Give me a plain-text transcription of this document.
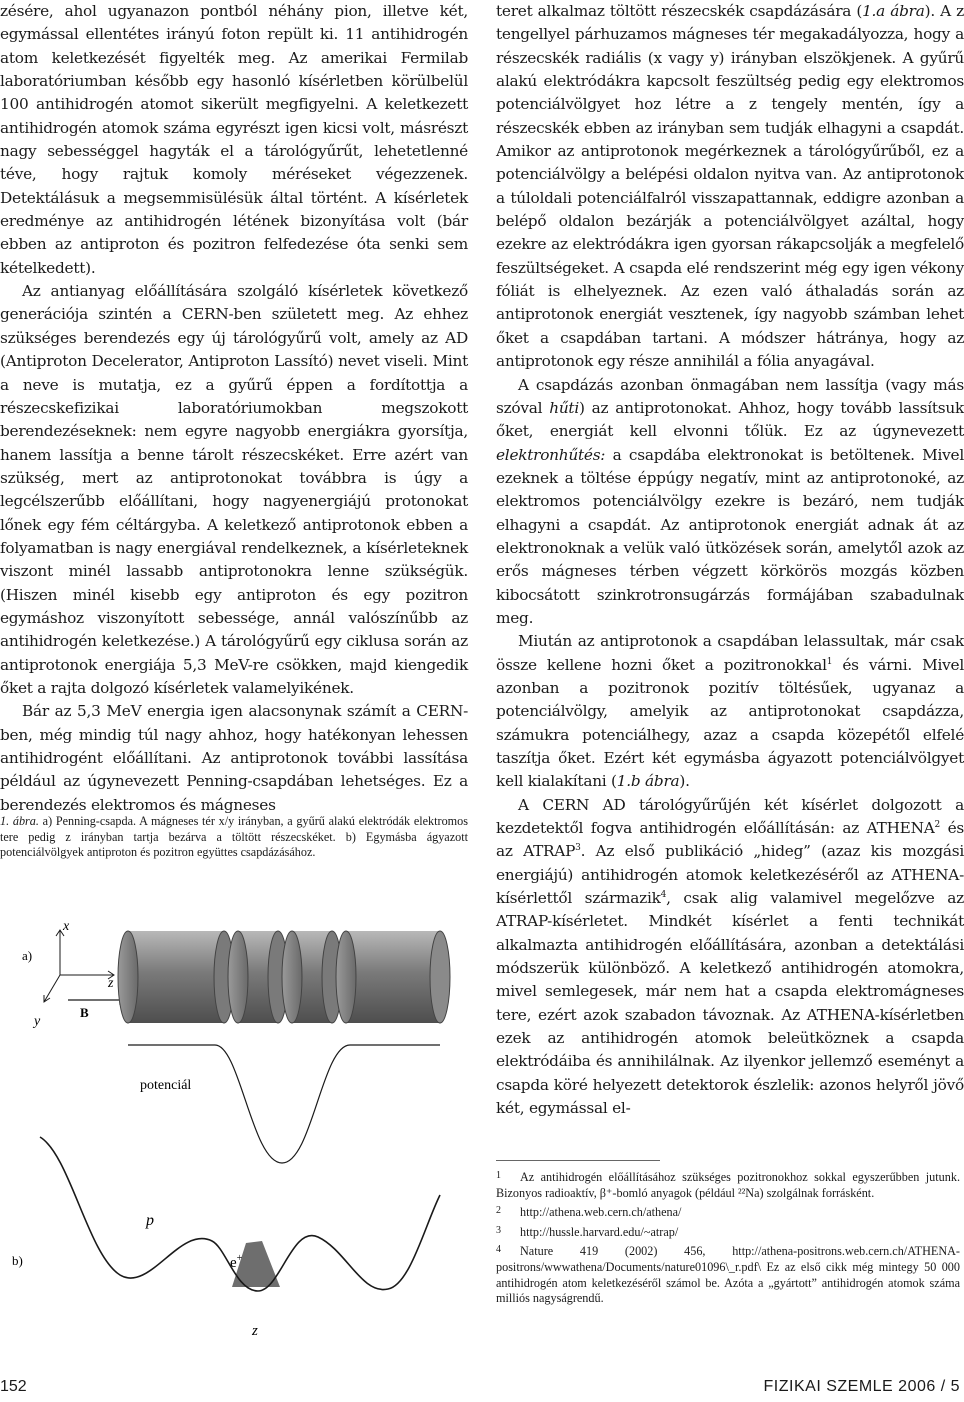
zésére, ahol ugyanazon pontból néhány pion, illetve két, egymással ellentétes irányú foton repült ki. 11 antihidrogén atom keletkezését figyelték meg. Az amerikai Fermilab laboratóriumban később egy hasonló kísérletben körülbelül 100 antihidrogén atomot sikerült megfigyelni. A keletkezett antihidrogén atomok száma egyrészt igen kicsi volt, másrészt nagy sebességgel hagyták el a tárológyűrűt, lehetetlenné téve, hogy rajtuk komoly méréseket végezzenek. Detektálásuk a megsemmisülésük által történt. A kísérletek eredménye az antihidrogén létének bizonyítása volt (bár ebben az antiproton és pozitron felfedezése óta senki sem kételkedett).

Az antianyag előállítására szolgáló kísérletek következő generációja szintén a CERN-ben született meg. Az ehhez szükséges berendezés egy új tárológyűrű volt, amely az AD (Antiproton Decelerator, Antiproton Lassító) nevet viseli. Mint a neve is mutatja, ez a gyűrű éppen a fordítottja a részecskefizikai laboratóriumokban megszokott berendezéseknek: nem egyre nagyobb energiákra gyorsítja, hanem lassítja a benne tárolt részecskéket. Erre azért van szükség, mert az antiprotonokat továbbra is úgy a legcélszerűbb előállítani, hogy nagyenergiájú protonokat lőnek egy fém céltárgyba. A keletkező antiprotonok ebben a folyamatban is nagy energiával rendelkeznek, a kísérleteknek viszont minél lassabb antiprotonokra lenne szükségük. (Hiszen minél kisebb egy antiproton és egy pozitron egymáshoz viszonyított sebessége, annál valószínűbb az antihidrogén keletkezése.) A tárológyűrű egy ciklusa során az antiprotonok energiája 5,3 MeV-re csökken, majd kiengedik őket a rajta dolgozó kísérletek valamelyikének.

Bár az 5,3 MeV energia igen alacsonynak számít a CERN-ben, még mindig túl nagy ahhoz, hogy hatékonyan lehessen antihidrogént előállítani. Az antiprotonok további lassítása például az úgynevezett Penning-csapdában lehetséges. Ez a berendezés elektromos és mágneses

1. ábra. a) Penning-csapda. A mágneses tér x/y irányban, a gyűrű alakú elektródák elektromos tere pedig z irányban tartja bezárva a töltött részecskéket. b) Egymásba ágyazott potenciálvölgyek antiproton és pozitron együttes csapdázásához.

a)
x
y
z
B
potenciál
b)
p
e+
z

teret alkalmaz töltött részecskék csapdázására (1.a ábra). A z tengellyel párhuzamos mágneses tér megakadályozza, hogy a részecskék radiális (x vagy y) irányban elszökjenek. A gyűrű alakú elektródákra kapcsolt feszültség pedig egy elektromos potenciálvölgyet hoz létre a z tengely mentén, így a részecskék ebben az irányban sem tudják elhagyni a csapdát. Amikor az antiprotonok megérkeznek a tárológyűrűből, ez a potenciálvölgy a belépési oldalon nyitva van. Az antiprotonok a túloldali potenciálfalról visszapattannak, eddigre azonban a belépő oldalon bezárják a potenciálvölgyet azáltal, hogy ezekre az elektródákra igen gyorsan rákapcsolják a megfelelő feszültségeket. A csapda elé rendszerint még egy igen vékony fóliát is elhelyeznek. Az ezen való áthaladás során az antiprotonok energiát vesztenek, így nagyobb számban lehet őket a csapdában tartani. A módszer hátránya, hogy az antiprotonok egy része annihilál a fólia anyagával.

A csapdázás azonban önmagában nem lassítja (vagy más szóval hűti) az antiprotonokat. Ahhoz, hogy tovább lassítsuk őket, energiát kell elvonni tőlük. Ez az úgynevezett elektronhűtés: a csapdába elektronokat is betöltenek. Mivel ezeknek a töltése éppúgy negatív, mint az antiprotonoké, az elektromos potenciálvölgy ezekre is bezáró, nem tudják elhagyni a csapdát. Az antiprotonok energiát adnak át az elektronoknak a velük való ütközések során, amelytől azok az erős mágneses térben végzett körkörös mozgás közben kibocsátott szinkrotronsugárzás formájában szabadulnak meg.

Miután az antiprotonok a csapdában lelassultak, már csak össze kellene hozni őket a pozitronokkal$^1$ és várni. Mivel azonban a pozitronok pozitív töltésűek, ugyanaz a potenciálvölgy, amelyik az antiprotonokat csapdázza, számukra potenciálhegy, azaz a csapda közepétől elfelé taszítja őket. Ezért két egymásba ágyazott potenciálvölgyet kell kialakítani (1.b ábra).

A CERN AD tárológyűrűjén két kísérlet dolgozott a kezdetektől fogva antihidrogén előállításán: az ATHENA$^2$ és az ATRAP$^3$. Az első publikáció „hideg” (azaz kis mozgási energiájú) antihidrogén atomok keletkezéséről az ATHENA-kísérlettől származik$^4$, csak alig valamivel megelőzve az ATRAP-kísérletet. Mindkét kísérlet a fenti technikát alkalmazta antihidrogén előállítására, azonban a detektálási módszerük különböző. A keletkező antihidrogén atomokra, mivel semlegesek, már nem hat a csapda elektromágneses tere, ezért azok szabadon távoznak. Az ATHENA-kísérletben ezek az antihidrogén atomok beleütköznek a csapda elektródáiba és annihilálnak. Az ilyenkor jellemző eseményt a csapda köré helyezett detektorok észlelik: azonos helyről jövő két, egymással el-

1 Az antihidrogén előállításához szükséges pozitronokhoz sokkal egyszerűbben jutunk. Bizonyos radioaktív, β⁺-bomló anyagok (például ²²Na) szolgálnak forrásként.

2 http://athena.web.cern.ch/athena/

3 http://hussle.harvard.edu/~atrap/

4 Nature 419 (2002) 456, http://athena-positrons.web.cern.ch/ATHENA-positrons/wwwathena/Documents/nature01096\_r.pdf\ Ez az első cikk még mintegy 50 000 antihidrogén atom keletkezéséről számol be. Azóta a „gyártott” antihidrogén atomok száma milliós nagyságrendű.

152	FIZIKAI SZEMLE 2006 / 5
